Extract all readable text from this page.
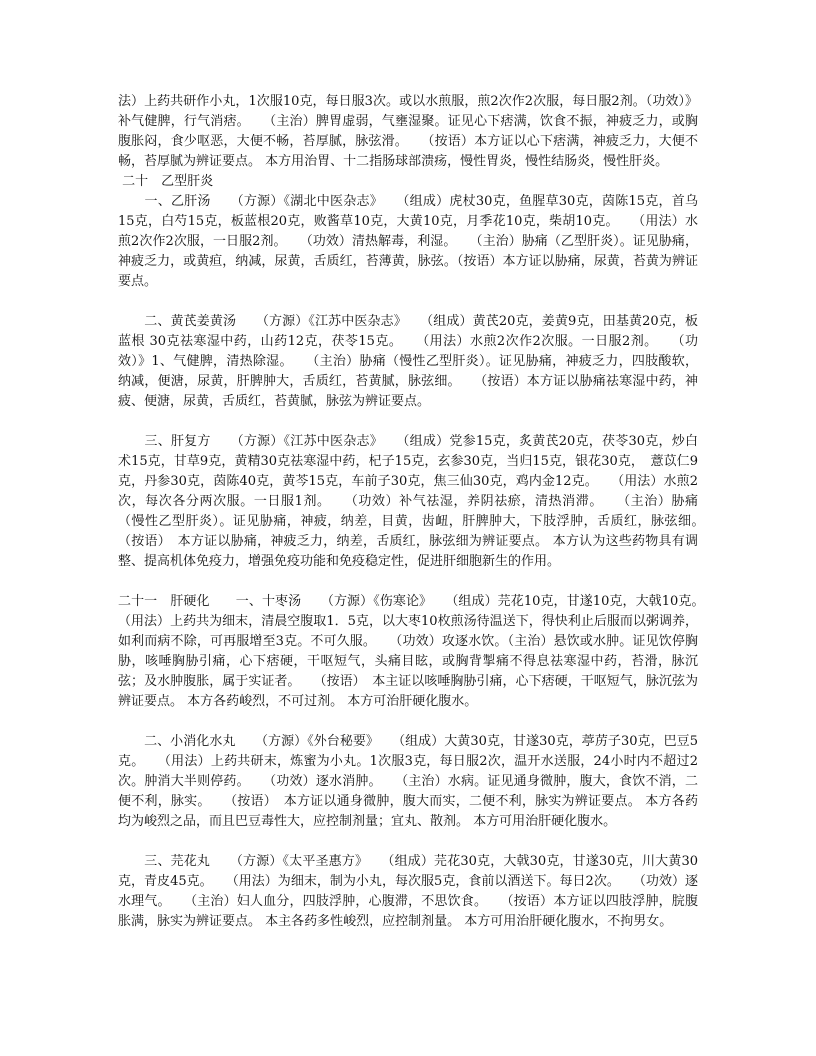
法）上药共研作小丸，1次服10克，每日服3次。或以水煎服，煎2次作2次服，每日服2剂。（功效）》补气健脾，行气消痞。　　（主治）脾胃虚弱，气壅湿聚。证见心下痞满，饮食不振，神疲乏力，或胸腹胀闷，食少呕恶，大便不畅，苔厚腻，脉弦滑。　　（按语）本方证以心下痞满，神疲乏力，大便不畅，苔厚腻为辨证要点。 本方用治胃、十二指肠球部溃疡，慢性胃炎，慢性结肠炎，慢性肝炎。

二十　乙型肝炎

　　一、乙肝汤　　（方源）《湖北中医杂志》　　（组成）虎杖30克，鱼腥草30克，茵陈15克，首乌15克，白芍15克，板蓝根20克，败酱草10克，大黄10克，月季花10克，柴胡10克。　　（用法）水煎2次作2次服，一日服2剂。　　（功效）清热解毒，利湿。　　（主治）胁痛（乙型肝炎）。证见胁痛，神疲乏力，或黄疸，纳减，尿黄，舌质红，苔薄黄，脉弦。（按语）本方证以胁痛，尿黄，苔黄为辨证要点。

　　二、黄芪姜黄汤　　（方源）《江苏中医杂志》　　（组成）黄芪20克，姜黄9克，田基黄20克，板蓝根 30克祛寒湿中药，山药12克，茯苓15克。　　（用法）水煎2次作2次服。一日服2剂。　　（功效）》1、气健脾，清热除湿。　　（主治）胁痛（慢性乙型肝炎）。证见胁痛，神疲乏力，四肢酸软，纳减，便溏，尿黄，肝脾肿大，舌质红，苔黄腻，脉弦细。　　（按语）本方证以胁痛祛寒湿中药，神疲、便溏，尿黄，舌质红，苔黄腻，脉弦为辨证要点。

　　三、肝复方　　（方源）《江苏中医杂志》　　（组成）党参15克，炙黄芪20克，茯苓30克，炒白术15克，甘草9克，黄精30克祛寒湿中药，杞子15克，玄参30克，当归15克，银花30克，　薏苡仁9克，丹参30克，茵陈40克，黄芩15克，车前子30克，焦三仙30克，鸡内金12克。　　（用法）水煎2次，每次各分两次服。一日服1剂。　　（功效）补气祛湿，养阴祛瘀，清热消滞。　　（主治）胁痛（慢性乙型肝炎）。证见胁痛，神疲，纳差，目黄，齿衄，肝脾肿大，下肢浮肿，舌质红，脉弦细。　　（按语）　本方证以胁痛，神疲乏力，纳差，舌质红，脉弦细为辨证要点。 本方认为这些药物具有调整、提高机体免疫力，增强免疫功能和免疫稳定性，促进肝细胞新生的作用。

二十一　肝硬化　　一、十枣汤　　（方源）《伤寒论》　　（组成）芫花10克，甘遂10克，大戟10克。　　（用法）上药共为细末，清晨空腹取1．5克，以大枣10枚煎汤待温送下，得快利止后服而以粥调养，如利而病不除，可再服增至3克。不可久服。　　（功效）攻逐水饮。（主治）悬饮或水肿。证见饮停胸胁，咳唾胸胁引痛，心下痞硬，干呕短气，头痛目眩，或胸背掣痛不得息祛寒湿中药，苔滑，脉沉弦；及水肿腹胀，属于实证者。　　（按语）　本主证以咳唾胸胁引痛，心下痞硬，干呕短气，脉沉弦为辨证要点。 本方各药峻烈，不可过剂。 本方可治肝硬化腹水。

　　二、小消化水丸　　（方源）《外台秘要》　　（组成）大黄30克，甘遂30克，葶苈子30克，巴豆5克。　　（用法）上药共研末，炼蜜为小丸。1次服3克，每日服2次，温开水送服，24小时内不超过2次。肿消大半则停药。　　（功效）逐水消肿。　　（主治）水病。证见通身微肿，腹大，食饮不消，二便不利，脉实。　　（按语）　本方证以通身微肿，腹大而实，二便不利，脉实为辨证要点。 本方各药均为峻烈之品，而且巴豆毒性大，应控制剂量；宜丸、散剂。 本方可用治肝硬化腹水。

　　三、芫花丸　　（方源）《太平圣惠方》　　（组成）芫花30克，大戟30克，甘遂30克，川大黄30克，青皮45克。　　（用法）为细末，制为小丸，每次服5克，食前以酒送下。每日2次。　　（功效）逐水理气。　　（主治）妇人血分，四肢浮肿，心腹滞，不思饮食。　　（按语）本方证以四肢浮肿，脘腹胀满，脉实为辨证要点。 本主各药多性峻烈，应控制剂量。 本方可用治肝硬化腹水，不拘男女。
